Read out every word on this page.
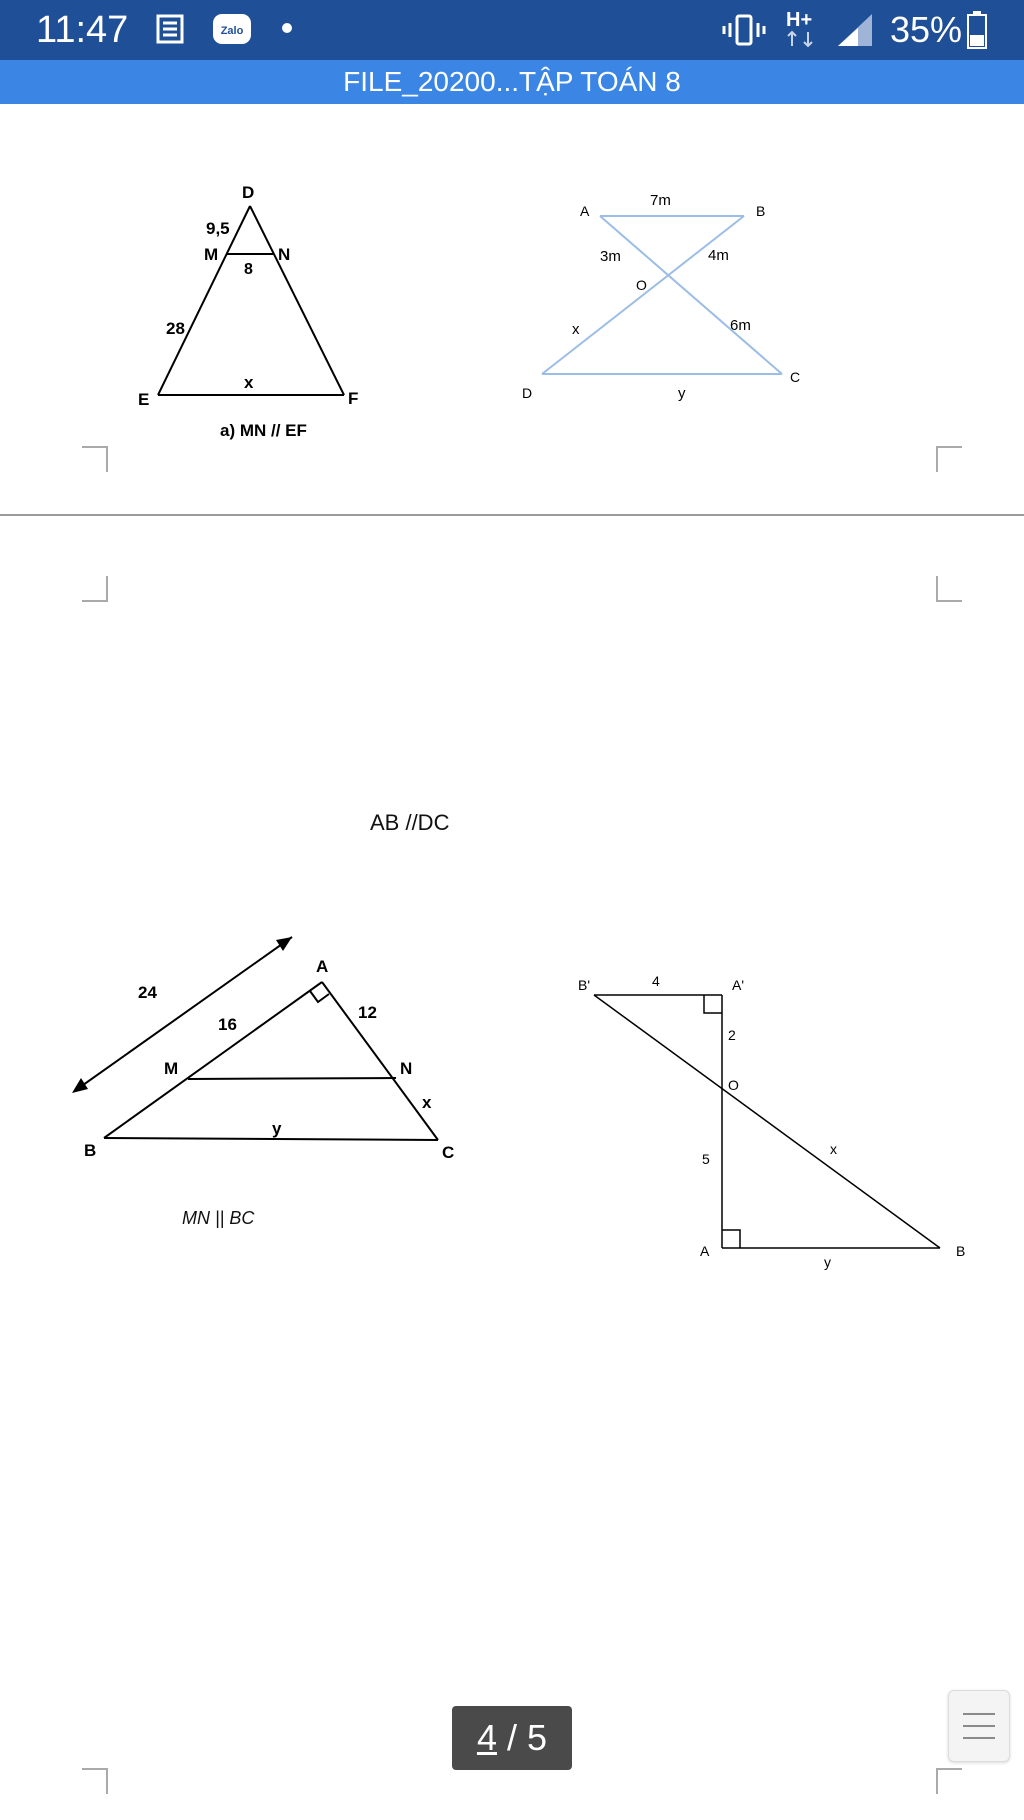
11:47	Zalo	H+ 35%
FILE_20200...TẬP TOÁN 8
D
9,5
M	N
8
28
E	F
x
a) MN // EF
7m
A	B
3m	4m
O
x	6m
D	y
C
AB //DC
A
24
16
12
M	N
x
y
B	C
MN || BC
B'	4	A'
2
O
5
x
A
y
B
4 / 5
